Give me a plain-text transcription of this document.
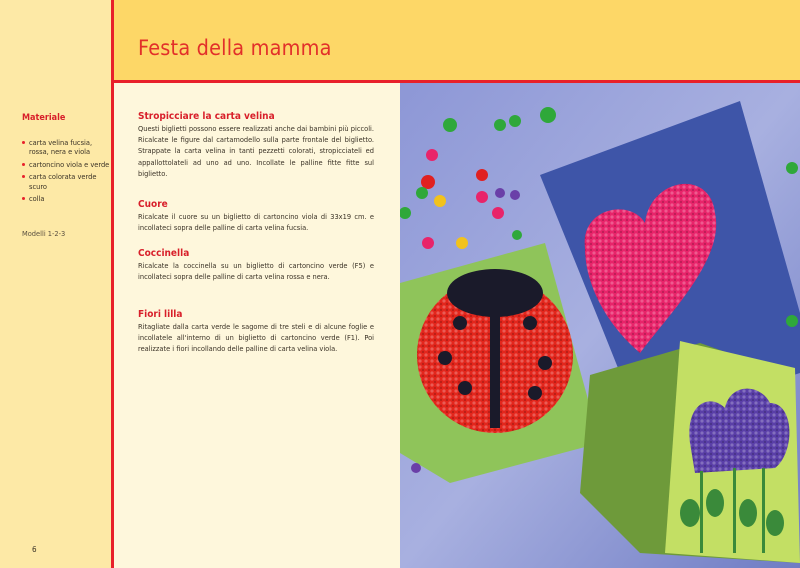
Festa della mamma
Materiale
carta velina fucsia, rossa, nera e viola
cartoncino viola e verde
carta colorata verde scuro
colla
Modelli 1-2-3
6
Stropicciare la carta velina

Questi biglietti possono essere realizzati anche dai bambini più piccoli. Ricalcate le figure dal cartamodello sulla parte frontale del biglietto. Strappate la carta velina in tanti pezzetti colorati, stropicciateli ed appallottolateli ad uno ad uno. Incollate le palline fitte fitte sul biglietto.

Cuore

Ricalcate il cuore su un biglietto di cartoncino viola di 33x19 cm. e incollateci sopra delle palline di carta velina fucsia.

Coccinella

Ricalcate la coccinella su un biglietto di cartoncino verde (F5) e incollateci sopra delle palline di carta velina rossa e nera.

Fiori lilla

Ritagliate dalla carta verde le sagome di tre steli e di alcune foglie e incollatele all'interno di un biglietto di cartoncino verde (F1). Poi realizzate i fiori incollando delle palline di carta velina viola.
